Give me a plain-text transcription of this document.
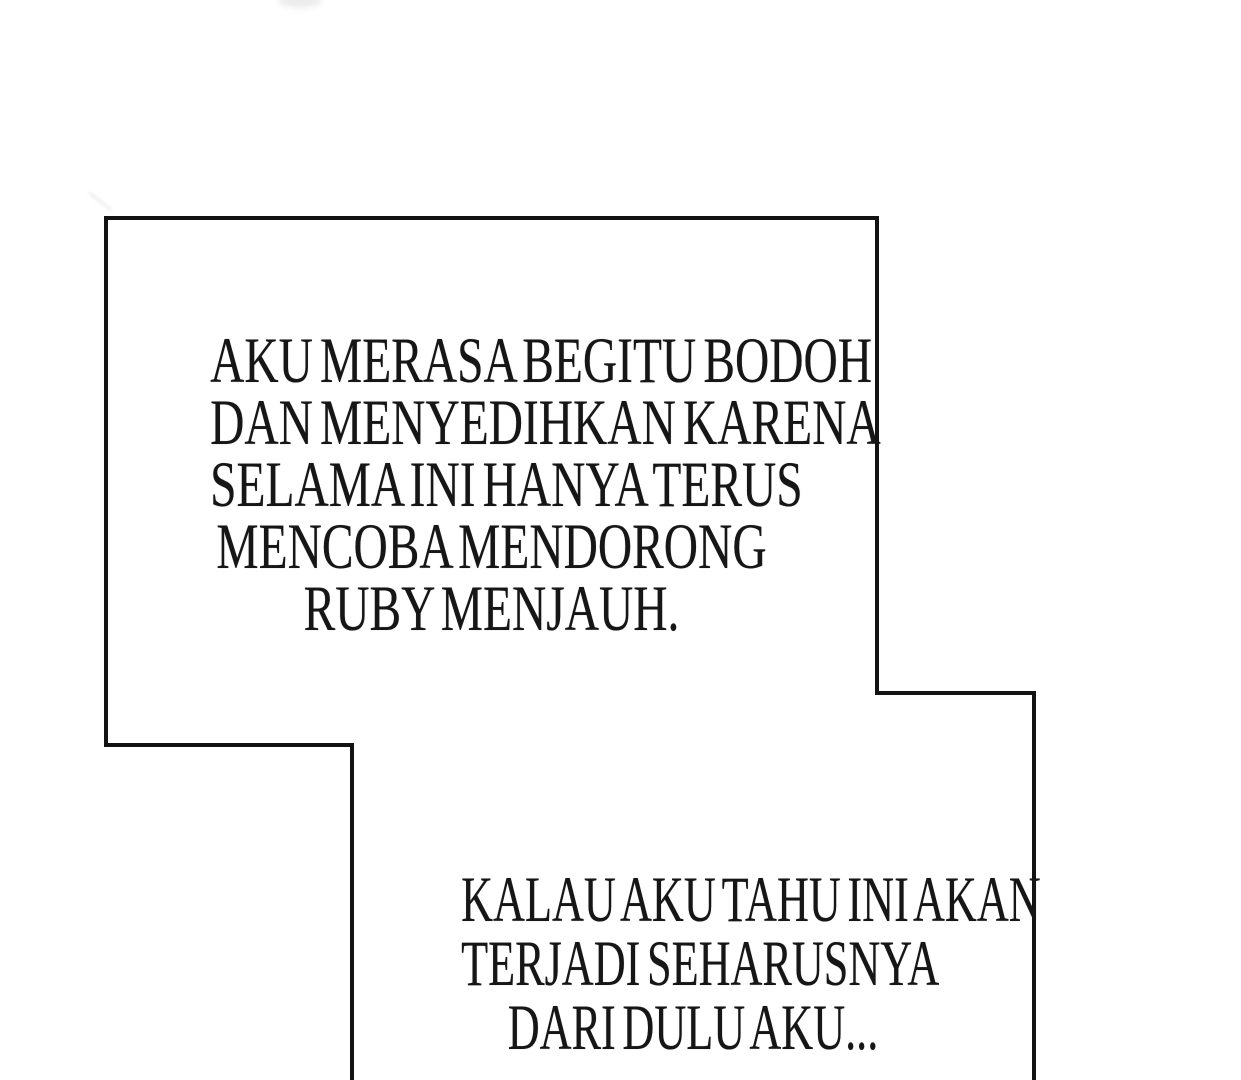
AKU MERASA BEGITU BODOH
DAN MENYEDIHKAN KARENA
SELAMA INI HANYA TERUS
MENCOBA MENDORONG
RUBY MENJAUH.
KALAU AKU TAHU INI AKAN
TERJADI SEHARUSNYA
DARI DULU AKU...
